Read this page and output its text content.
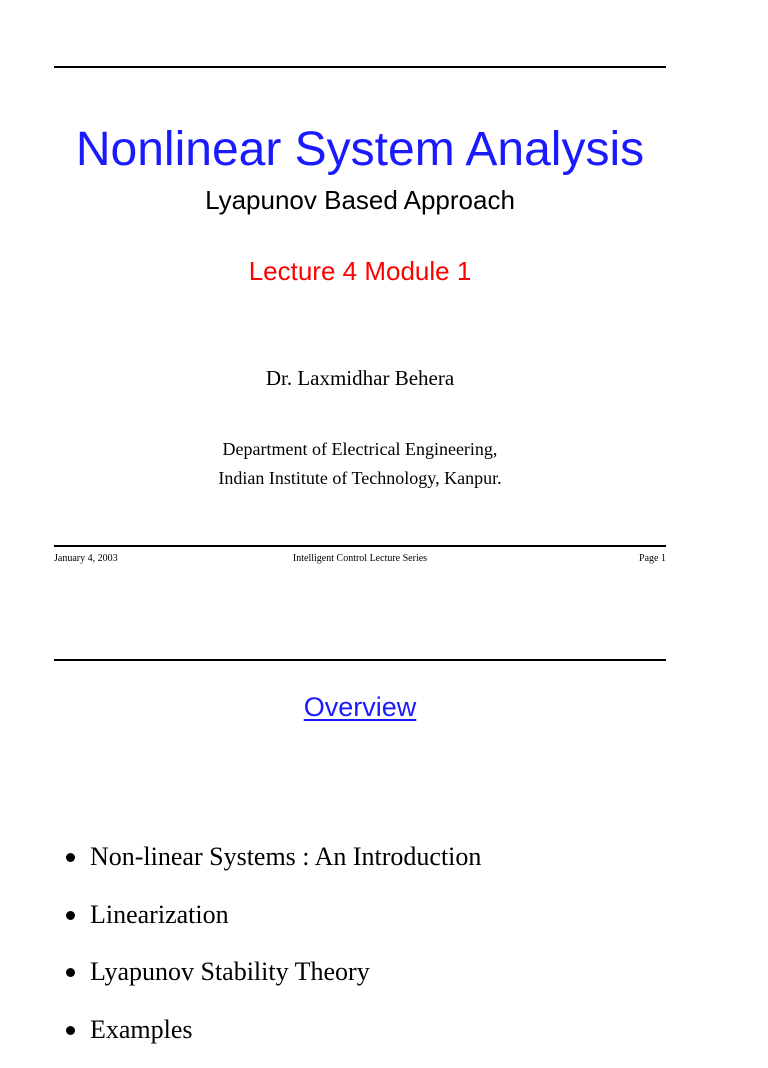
Nonlinear System Analysis

Lyapunov Based Approach

Lecture 4 Module 1

Dr. Laxmidhar Behera

Department of Electrical Engineering,

Indian Institute of Technology, Kanpur.

January 4, 2003	Intelligent Control Lecture Series	Page 1

Overview

Non-linear Systems : An Introduction
Linearization
Lyapunov Stability Theory
Examples
